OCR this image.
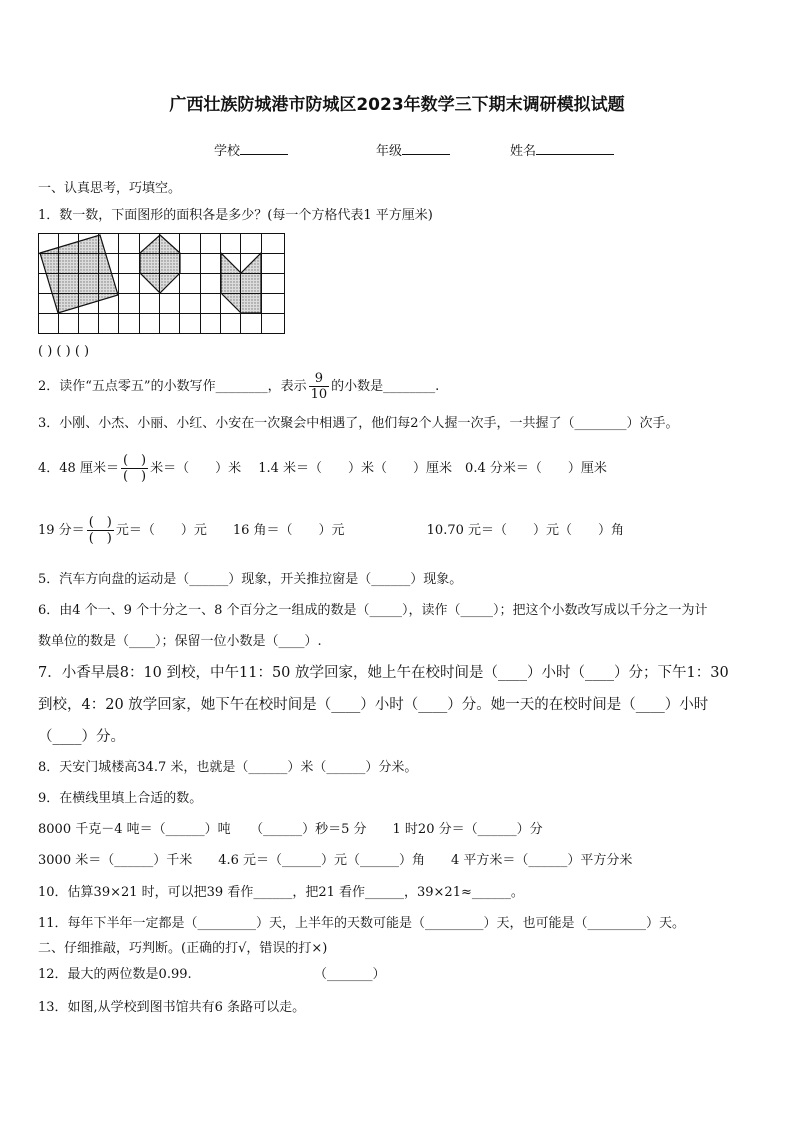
广西壮族防城港市防城区2023年数学三下期末调研模拟试题
学校	年级	姓名
一、认真思考，巧填空。
1．数一数，下面图形的面积各是多少？(每一个方格代表1 平方厘米)
( ) ( ) ( )
2．读作“五点零五”的小数写作________，表示 $\frac{9}{10}$ 的小数是________.
3．小刚、小杰、小丽、小红、小安在一次聚会中相遇了，他们每2个人握一次手，一共握了（________）次手。
4．48 厘米＝ $\frac{( )}{( )}$ 米＝（　　）米　 1.4 米＝（　　）米（　　）厘米　0.4 分米＝（　　）厘米
19 分＝ $\frac{( )}{( )}$ 元＝（　　）元　　16 角＝（　　）元　　　　　　 10.70 元＝（　　）元（　　）角
5．汽车方向盘的运动是（______）现象，开关推拉窗是（______）现象。
6．由4 个一、9 个十分之一、8 个百分之一组成的数是（_____），读作（_____）；把这个小数改写成以千分之一为计
数单位的数是（____）；保留一位小数是（____）.
7．小香早晨8：10 到校，中午11：50 放学回家，她上午在校时间是（____）小时（____）分；下午1：30
到校，4：20 放学回家，她下午在校时间是（____）小时（____）分。她一天的在校时间是（____）小时
（____）分。
8．天安门城楼高34.7 米，也就是（______）米（______）分米。
9．在横线里填上合适的数。
8000 千克－4 吨＝（______）吨　　（______）秒＝5 分　　1 时20 分＝（______）分
3000 米＝（______）千米　　4.6 元＝（______）元（______）角　　4 平方米＝（______）平方分米
10．估算39×21 时，可以把39 看作______，把21 看作______，39×21≈______。
11．每年下半年一定都是（_________）天，上半年的天数可能是（_________）天，也可能是（_________）天。
二、仔细推敲，巧判断。(正确的打√，错误的打×)
12．最大的两位数是0.99.	（_______）
13．如图,从学校到图书馆共有6 条路可以走。
